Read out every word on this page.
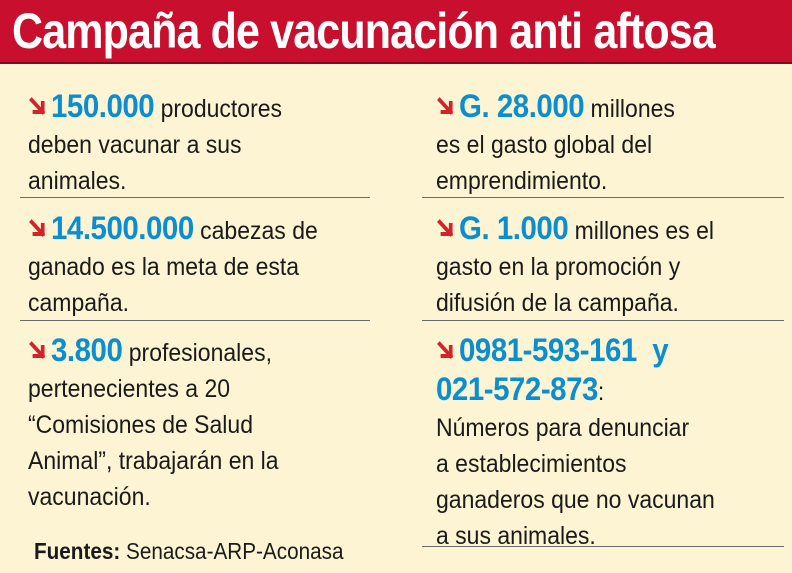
Campaña de vacunación anti aftosa
150.000 productores
deben vacunar a sus
animales.
14.500.000 cabezas de
ganado es la meta de esta
campaña.
3.800 profesionales,
pertenecientes a 20
“Comisiones de Salud
Animal”, trabajarán en la
vacunación.
G. 28.000 millones
es el gasto global del
emprendimiento.
G. 1.000 millones es el
gasto en la promoción y
difusión de la campaña.
0981-593-161  y
021-572-873:
Números para denunciar
a establecimientos
ganaderos que no vacunan
a sus animales.
Fuentes: Senacsa-ARP-Aconasa
